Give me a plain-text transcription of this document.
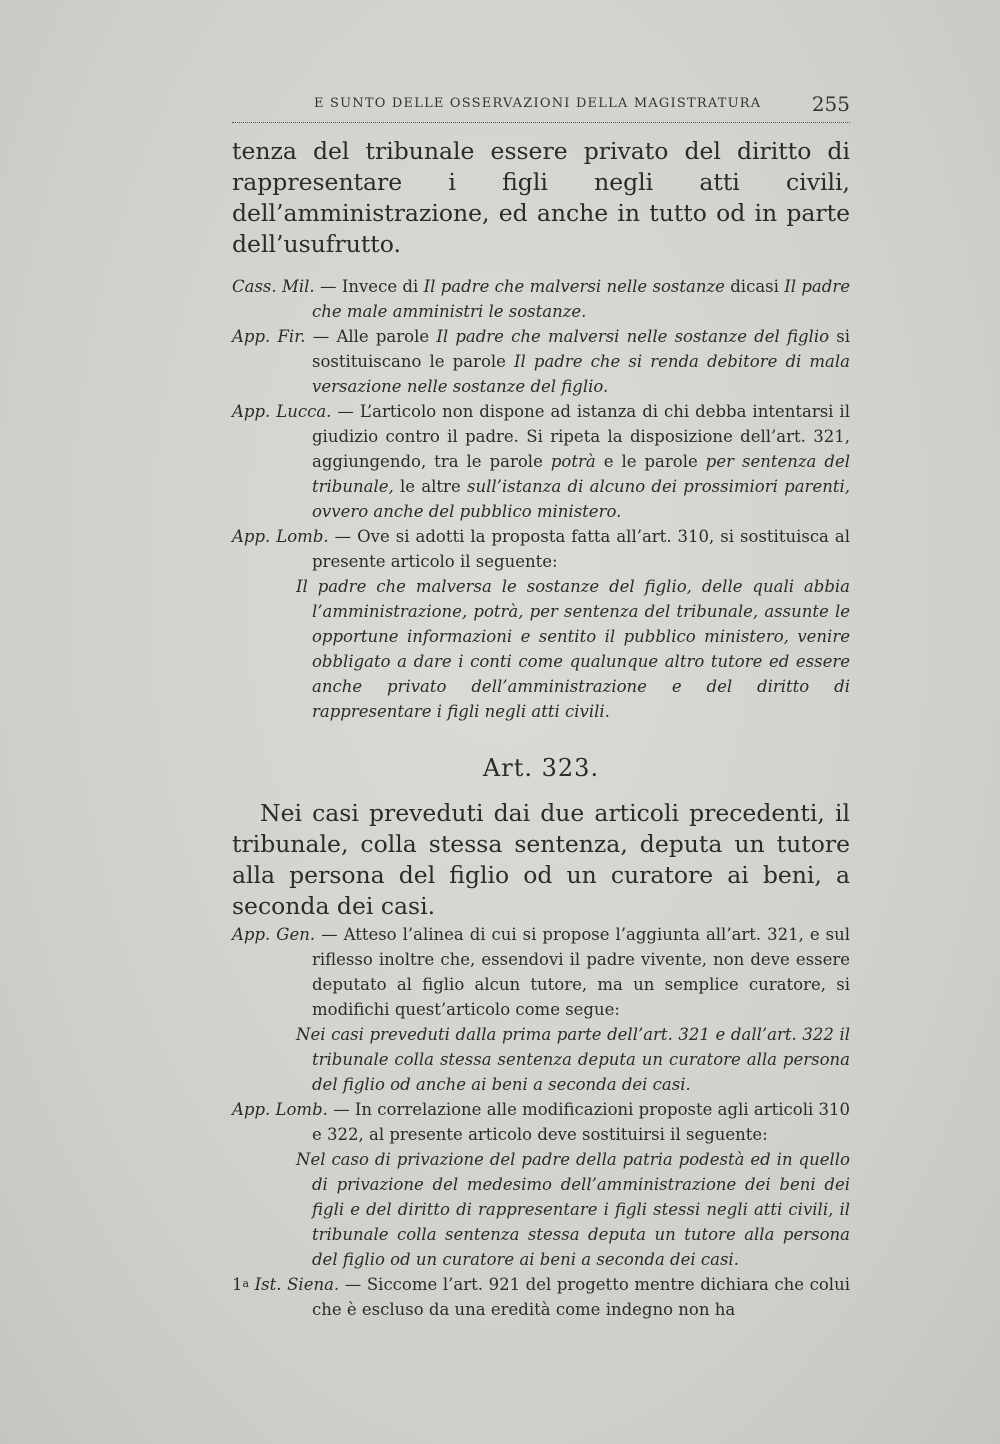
E SUNTO DELLE OSSERVAZIONI DELLA MAGISTRATURA	255

tenza del tribunale essere privato del diritto di rappresentare i figli negli atti civili, dell’amministrazione, ed anche in tutto od in parte dell’usufrutto.

Cass. Mil. — Invece di Il padre che malversi nelle sostanze dicasi Il padre che male amministri le sostanze.

App. Fir. — Alle parole Il padre che malversi nelle sostanze del figlio si sostituiscano le parole Il padre che si renda debitore di mala versazione nelle sostanze del figlio.

App. Lucca. — L’articolo non dispone ad istanza di chi debba intentarsi il giudizio contro il padre. Si ripeta la disposizione dell’art. 321, aggiungendo, tra le parole potrà e le parole per sentenza del tribunale, le altre sull’istanza di alcuno dei prossimiori parenti, ovvero anche del pubblico ministero.

App. Lomb. — Ove si adotti la proposta fatta all’art. 310, si sostituisca al presente articolo il seguente:

Il padre che malversa le sostanze del figlio, delle quali abbia l’amministrazione, potrà, per sentenza del tribunale, assunte le opportune informazioni e sentito il pubblico ministero, venire obbligato a dare i conti come qualunque altro tutore ed essere anche privato dell’amministrazione e del diritto di rappresentare i figli negli atti civili.

Art. 323.

Nei casi preveduti dai due articoli precedenti, il tribunale, colla stessa sentenza, deputa un tutore alla persona del figlio od un curatore ai beni, a seconda dei casi.

App. Gen. — Atteso l’alinea di cui si propose l’aggiunta all’art. 321, e sul riflesso inoltre che, essendovi il padre vivente, non deve essere deputato al figlio alcun tutore, ma un semplice curatore, si modifichi quest’articolo come segue:

Nei casi preveduti dalla prima parte dell’art. 321 e dall’art. 322 il tribunale colla stessa sentenza deputa un curatore alla persona del figlio od anche ai beni a seconda dei casi.

App. Lomb. — In correlazione alle modificazioni proposte agli articoli 310 e 322, al presente articolo deve sostituirsi il seguente:

Nel caso di privazione del padre della patria podestà ed in quello di privazione del medesimo dell’amministrazione dei beni dei figli e del diritto di rappresentare i figli stessi negli atti civili, il tribunale colla sentenza stessa deputa un tutore alla persona del figlio od un curatore ai beni a seconda dei casi.

1$^a$ Ist. Siena. — Siccome l’art. 921 del progetto mentre dichiara che colui che è escluso da una eredità come indegno non ha
